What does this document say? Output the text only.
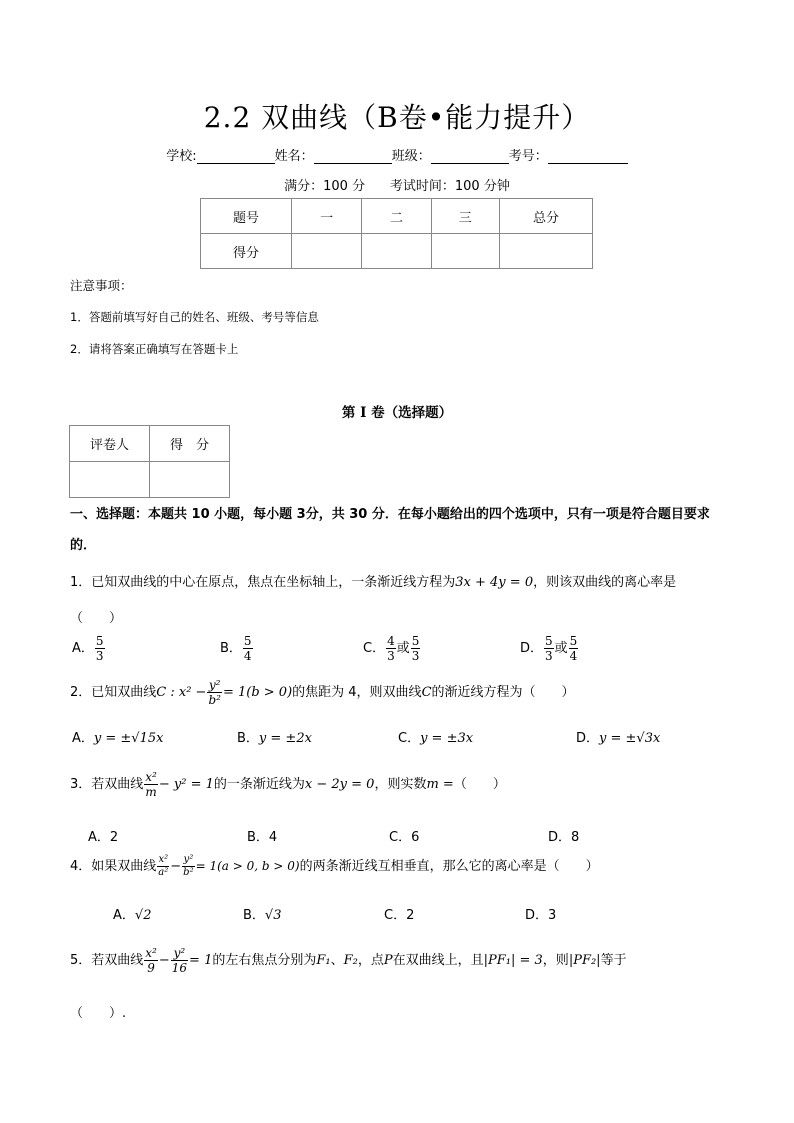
2.2 双曲线（B卷•能力提升）
学校:	姓名：	班级：	考号：
满分：100 分 考试时间：100 分钟
题号	一	二	三	总分
得分				
注意事项：
1．答题前填写好自己的姓名、班级、考号等信息
2．请将答案正确填写在答题卡上
第 I 卷（选择题）
评卷人	得　分

一、选择题：本题共 10 小题，每小题 3分，共 30 分．在每小题给出的四个选项中，只有一项是符合题目要求的．
1．已知双曲线的中心在原点，焦点在坐标轴上，一条渐近线方程为3x + 4y = 0，则该双曲线的离心率是
（　　）
A． $\frac{5}{3}$	B． $\frac{5}{4}$	C． $\frac{4}{3}$ 或 $\frac{5}{3}$	D． $\frac{5}{3}$ 或 $\frac{5}{4}$
2．已知双曲线C : $x^2 - \frac{\text{y²}}{\text{b²}} = 1(b > 0)$的焦距为 4，则双曲线C的渐近线方程为（　　）
A．y = ±√15x	B．y = ±2x	C．y = ±3x	D．y = ±√3x
3．若双曲线 $\frac{\text{x²}}{m} - y^2 = 1$的一条渐近线为x − 2y = 0，则实数m =（　　）
A．2	B．4	C．6	D．8
4．如果双曲线 $\frac{\text{x²}}{\text{a²}} - \frac{\text{y²}}{\text{b²}} = 1(a > 0$, b > 0)的两条渐近线互相垂直，那么它的离心率是（　　）
A．√2	B．√3	C．2	D．3
5．若双曲线 $\frac{\text{x²}}{9} - \frac{\text{y²}}{16} = 1$的左右焦点分别为F₁、F₂，点P在双曲线上，且|PF₁| = 3，则|PF₂|等于
（　　）.
